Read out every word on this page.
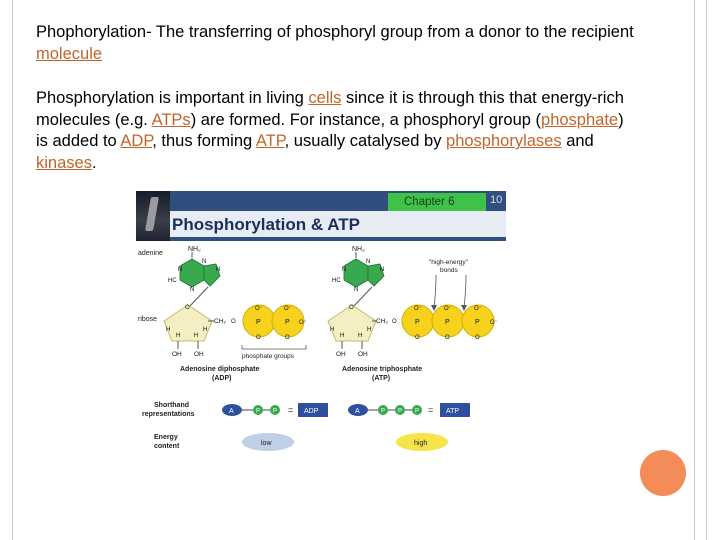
Phophorylation- The transferring of phosphoryl group from a donor to the recipient molecule
Phosphorylation is important in living cells since it is through this that energy-rich molecules (e.g. ATPs) are formed. For instance, a phosphoryl group (phosphate) is added to ADP, thus forming ATP, usually catalysed by phosphorylases and kinases.
Phosphorylation & ATP
Chapter 6	10
adenine
NH₂
N
N
N
N
HC
ribose
O
H	H
H H
OH OH
CH₂ O	P	P
O⁻	O⁻
O	O
O⁻
phosphate groups
Adenosine diphosphate
(ADP)
NH₂
N
N
N
N
HC
O
H	H
H H
OH OH
CH₂ O	P	P	P
O⁻	O⁻	O⁻
O	O	O
O⁻
"high-energy"
bonds
Adenosine triphosphate
(ATP)
Shorthand
representations	A	P P = ADP	A	P P P = ATP
Energy
content	low	high
